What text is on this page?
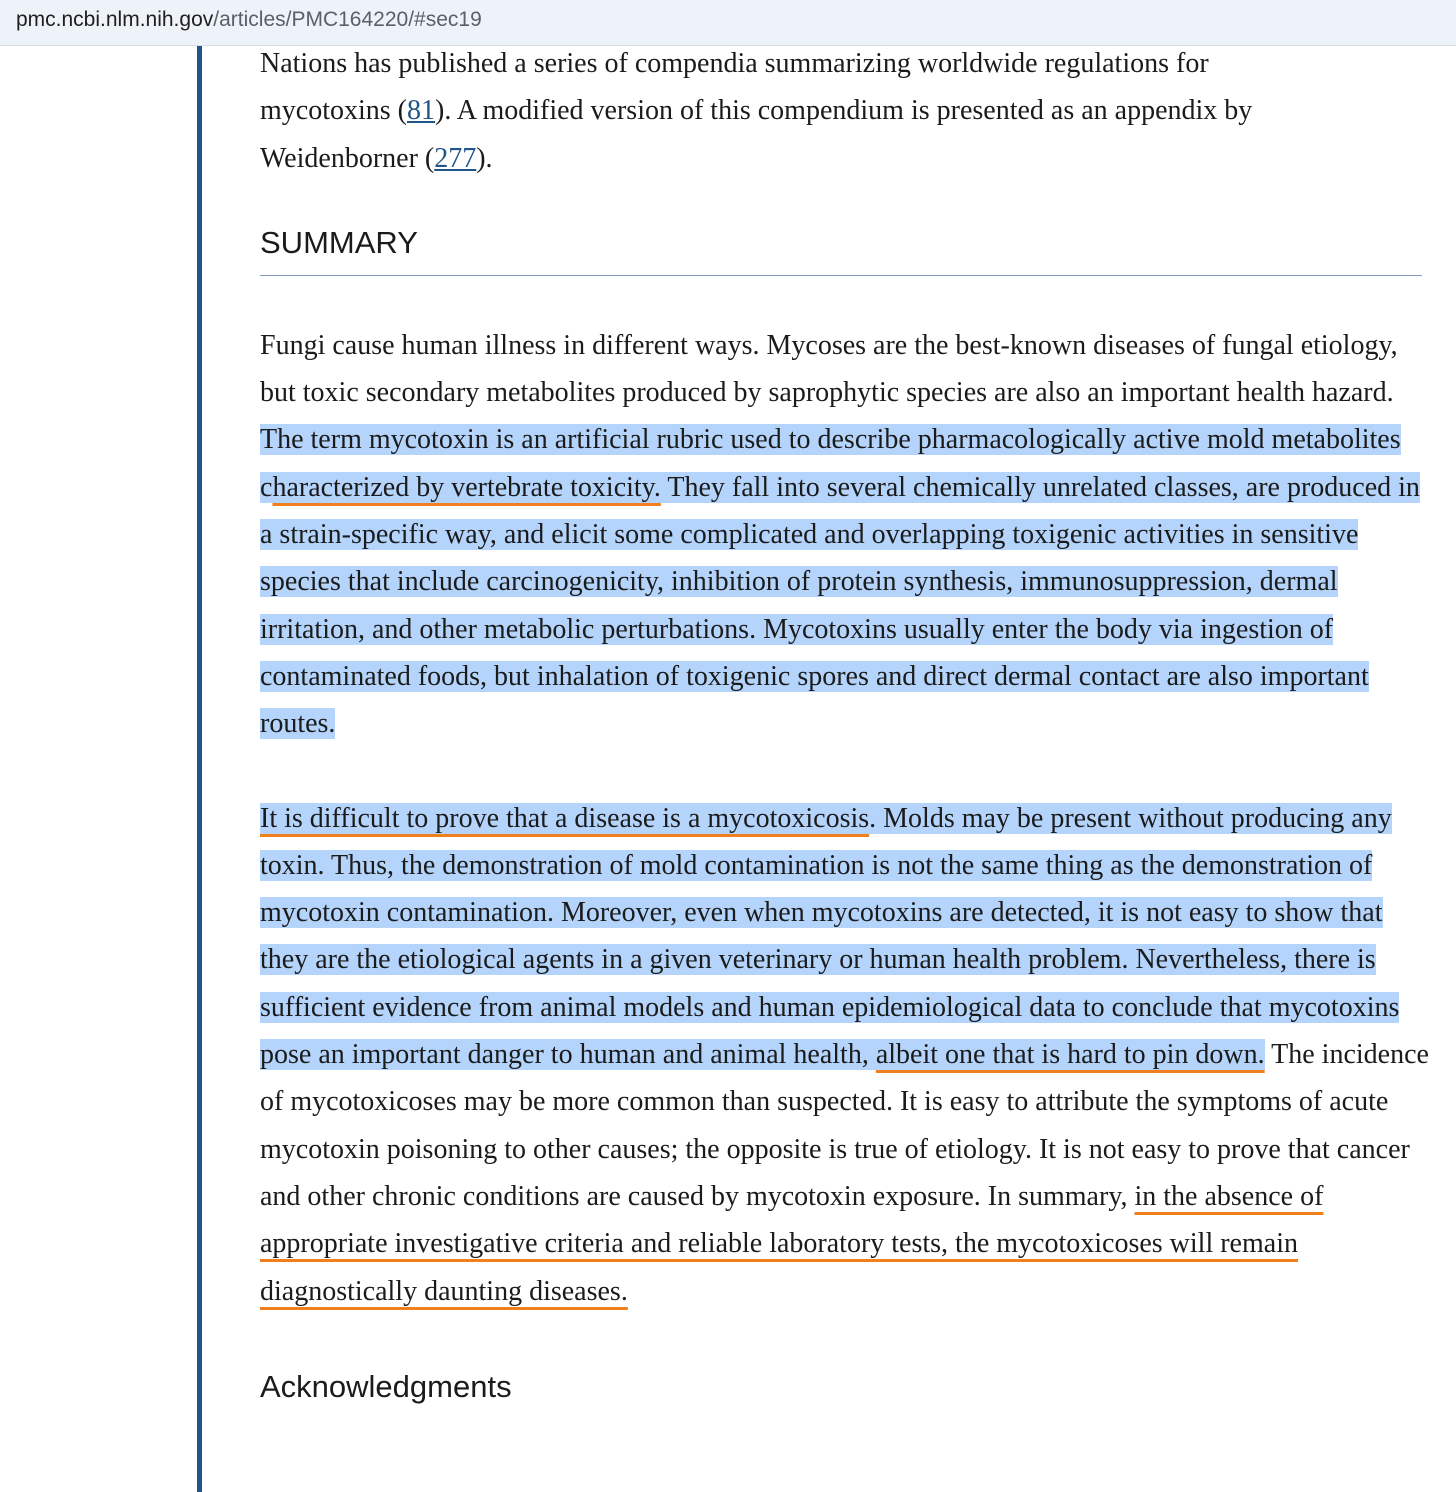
pmc.ncbi.nlm.nih.gov/articles/PMC164220/#sec19

Nations has published a series of compendia summarizing worldwide regulations for

mycotoxins (81). A modified version of this compendium is presented as an appendix by
Weidenborner (277).

SUMMARY

Fungi cause human illness in different ways. Mycoses are the best-known diseases of fungal etiology, but toxic secondary metabolites produced by saprophytic species are also an important health hazard. The term mycotoxin is an artificial rubric used to describe pharmacologically active mold metabolites characterized by vertebrate toxicity. They fall into several chemically unrelated classes, are produced in a strain-specific way, and elicit some complicated and overlapping toxigenic activities in sensitive species that include carcinogenicity, inhibition of protein synthesis, immunosuppression, dermal irritation, and other metabolic perturbations. Mycotoxins usually enter the body via ingestion of contaminated foods, but inhalation of toxigenic spores and direct dermal contact are also important routes.

It is difficult to prove that a disease is a mycotoxicosis. Molds may be present without producing any toxin. Thus, the demonstration of mold contamination is not the same thing as the demonstration of mycotoxin contamination. Moreover, even when mycotoxins are detected, it is not easy to show that they are the etiological agents in a given veterinary or human health problem. Nevertheless, there is sufficient evidence from animal models and human epidemiological data to conclude that mycotoxins pose an important danger to human and animal health, albeit one that is hard to pin down. The incidence of mycotoxicoses may be more common than suspected. It is easy to attribute the symptoms of acute mycotoxin poisoning to other causes; the opposite is true of etiology. It is not easy to prove that cancer and other chronic conditions are caused by mycotoxin exposure. In summary, in the absence of appropriate investigative criteria and reliable laboratory tests, the mycotoxicoses will remain diagnostically daunting diseases.

Acknowledgments
